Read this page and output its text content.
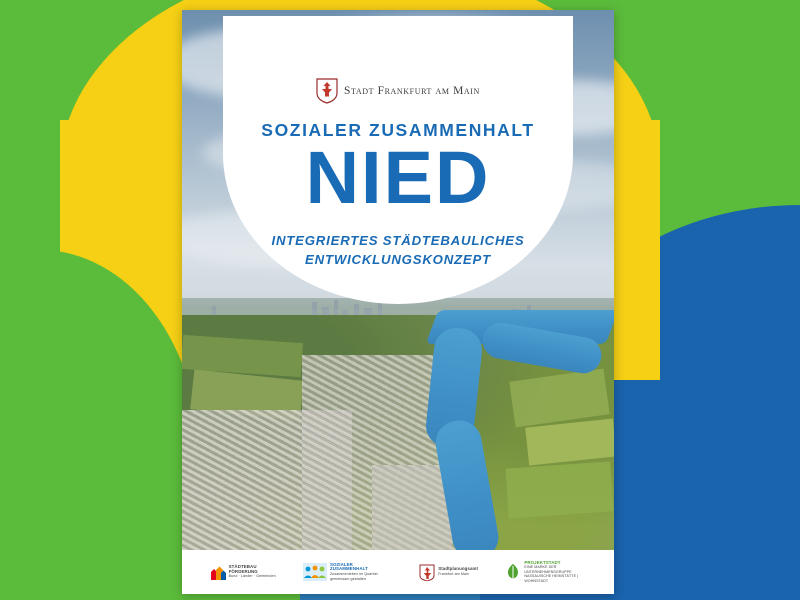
Stadt Frankfurt am Main
SOZIALER ZUSAMMENHALT
NIED
INTEGRIERTES STÄDTEBAULICHES
ENTWICKLUNGSKONZEPT
STÄDTEBAU
FÖRDERUNG
Bund · Länder · Gemeinden
SOZIALER
ZUSAMMENHALT
Zusammenleben im Quartier gemeinsam gestalten
Stadtplanungsamt
Frankfurt am Main
PROJEKTSTADT
EINE MARKE DER UNTERNEHMENSGRUPPE NASSAUISCHE HEIMSTÄTTE | WOHNSTADT
